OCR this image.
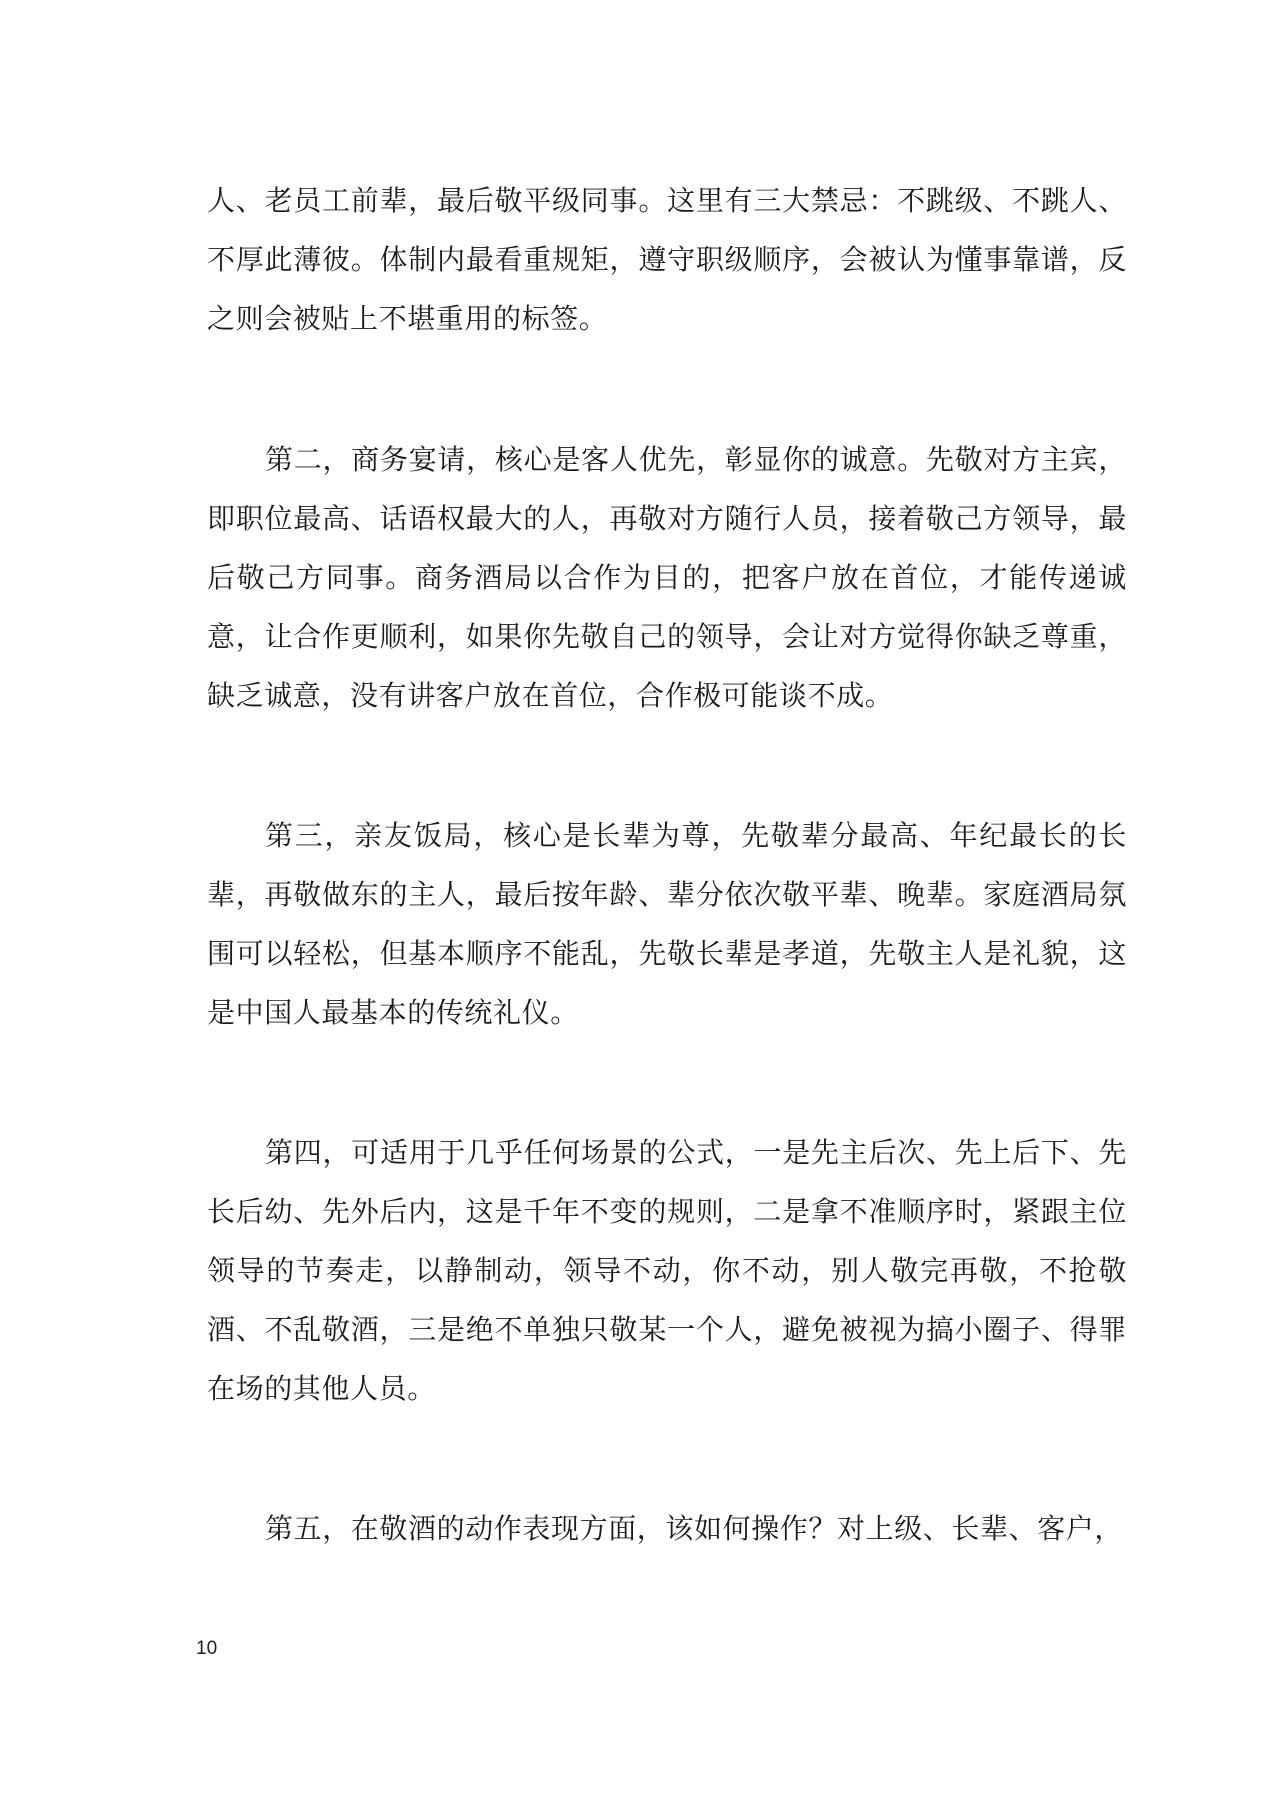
人、老员工前辈，最后敬平级同事。这里有三大禁忌：不跳级、不跳人、不厚此薄彼。体制内最看重规矩，遵守职级顺序，会被认为懂事靠谱，反之则会被贴上不堪重用的标签。

第二，商务宴请，核心是客人优先，彰显你的诚意。先敬对方主宾，即职位最高、话语权最大的人，再敬对方随行人员，接着敬己方领导，最后敬己方同事。商务酒局以合作为目的，把客户放在首位，才能传递诚意，让合作更顺利，如果你先敬自己的领导，会让对方觉得你缺乏尊重，缺乏诚意，没有讲客户放在首位，合作极可能谈不成。

第三，亲友饭局，核心是长辈为尊，先敬辈分最高、年纪最长的长辈，再敬做东的主人，最后按年龄、辈分依次敬平辈、晚辈。家庭酒局氛围可以轻松，但基本顺序不能乱，先敬长辈是孝道，先敬主人是礼貌，这是中国人最基本的传统礼仪。

第四，可适用于几乎任何场景的公式，一是先主后次、先上后下、先长后幼、先外后内，这是千年不变的规则，二是拿不准顺序时，紧跟主位领导的节奏走，以静制动，领导不动，你不动，别人敬完再敬，不抢敬酒、不乱敬酒，三是绝不单独只敬某一个人，避免被视为搞小圈子、得罪在场的其他人员。

第五，在敬酒的动作表现方面，该如何操作？对上级、长辈、客户，

10
